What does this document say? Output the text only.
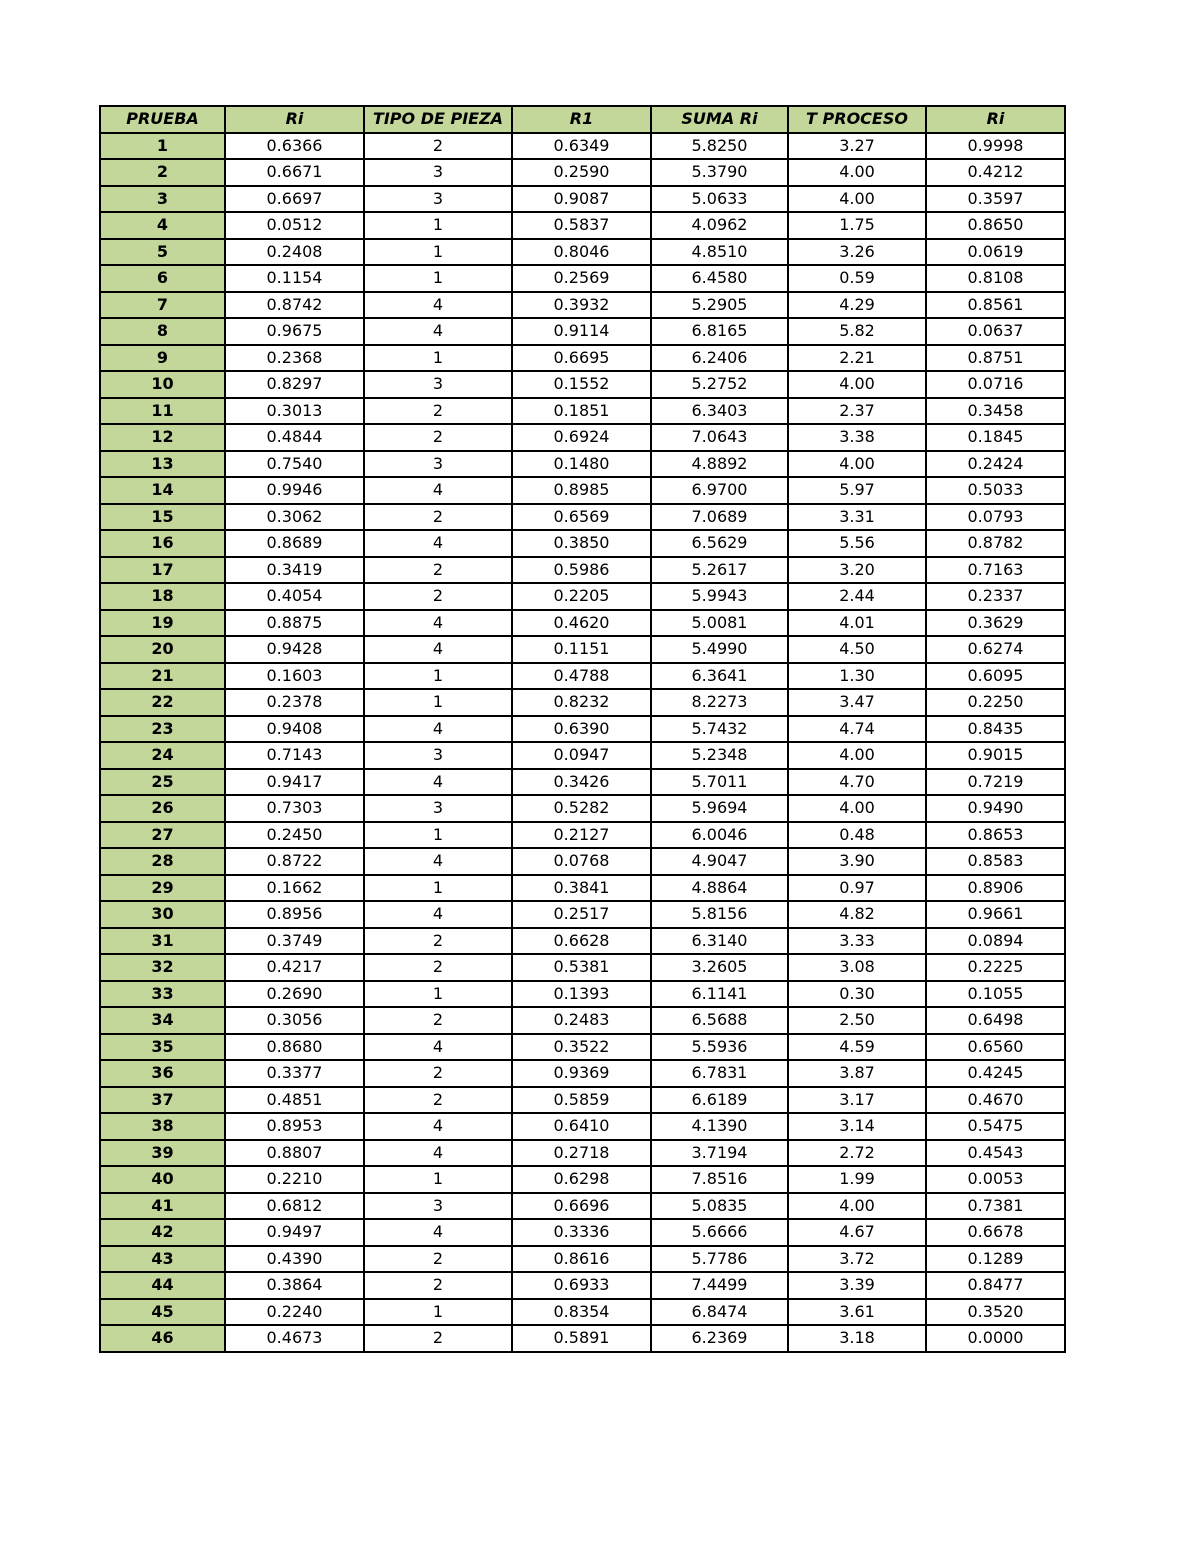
PRUEBA	Ri	TIPO DE PIEZA	R1	SUMA Ri	T PROCESO	Ri
1	0.6366	2	0.6349	5.8250	3.27	0.9998
2	0.6671	3	0.2590	5.3790	4.00	0.4212
3	0.6697	3	0.9087	5.0633	4.00	0.3597
4	0.0512	1	0.5837	4.0962	1.75	0.8650
5	0.2408	1	0.8046	4.8510	3.26	0.0619
6	0.1154	1	0.2569	6.4580	0.59	0.8108
7	0.8742	4	0.3932	5.2905	4.29	0.8561
8	0.9675	4	0.9114	6.8165	5.82	0.0637
9	0.2368	1	0.6695	6.2406	2.21	0.8751
10	0.8297	3	0.1552	5.2752	4.00	0.0716
11	0.3013	2	0.1851	6.3403	2.37	0.3458
12	0.4844	2	0.6924	7.0643	3.38	0.1845
13	0.7540	3	0.1480	4.8892	4.00	0.2424
14	0.9946	4	0.8985	6.9700	5.97	0.5033
15	0.3062	2	0.6569	7.0689	3.31	0.0793
16	0.8689	4	0.3850	6.5629	5.56	0.8782
17	0.3419	2	0.5986	5.2617	3.20	0.7163
18	0.4054	2	0.2205	5.9943	2.44	0.2337
19	0.8875	4	0.4620	5.0081	4.01	0.3629
20	0.9428	4	0.1151	5.4990	4.50	0.6274
21	0.1603	1	0.4788	6.3641	1.30	0.6095
22	0.2378	1	0.8232	8.2273	3.47	0.2250
23	0.9408	4	0.6390	5.7432	4.74	0.8435
24	0.7143	3	0.0947	5.2348	4.00	0.9015
25	0.9417	4	0.3426	5.7011	4.70	0.7219
26	0.7303	3	0.5282	5.9694	4.00	0.9490
27	0.2450	1	0.2127	6.0046	0.48	0.8653
28	0.8722	4	0.0768	4.9047	3.90	0.8583
29	0.1662	1	0.3841	4.8864	0.97	0.8906
30	0.8956	4	0.2517	5.8156	4.82	0.9661
31	0.3749	2	0.6628	6.3140	3.33	0.0894
32	0.4217	2	0.5381	3.2605	3.08	0.2225
33	0.2690	1	0.1393	6.1141	0.30	0.1055
34	0.3056	2	0.2483	6.5688	2.50	0.6498
35	0.8680	4	0.3522	5.5936	4.59	0.6560
36	0.3377	2	0.9369	6.7831	3.87	0.4245
37	0.4851	2	0.5859	6.6189	3.17	0.4670
38	0.8953	4	0.6410	4.1390	3.14	0.5475
39	0.8807	4	0.2718	3.7194	2.72	0.4543
40	0.2210	1	0.6298	7.8516	1.99	0.0053
41	0.6812	3	0.6696	5.0835	4.00	0.7381
42	0.9497	4	0.3336	5.6666	4.67	0.6678
43	0.4390	2	0.8616	5.7786	3.72	0.1289
44	0.3864	2	0.6933	7.4499	3.39	0.8477
45	0.2240	1	0.8354	6.8474	3.61	0.3520
46	0.4673	2	0.5891	6.2369	3.18	0.0000
